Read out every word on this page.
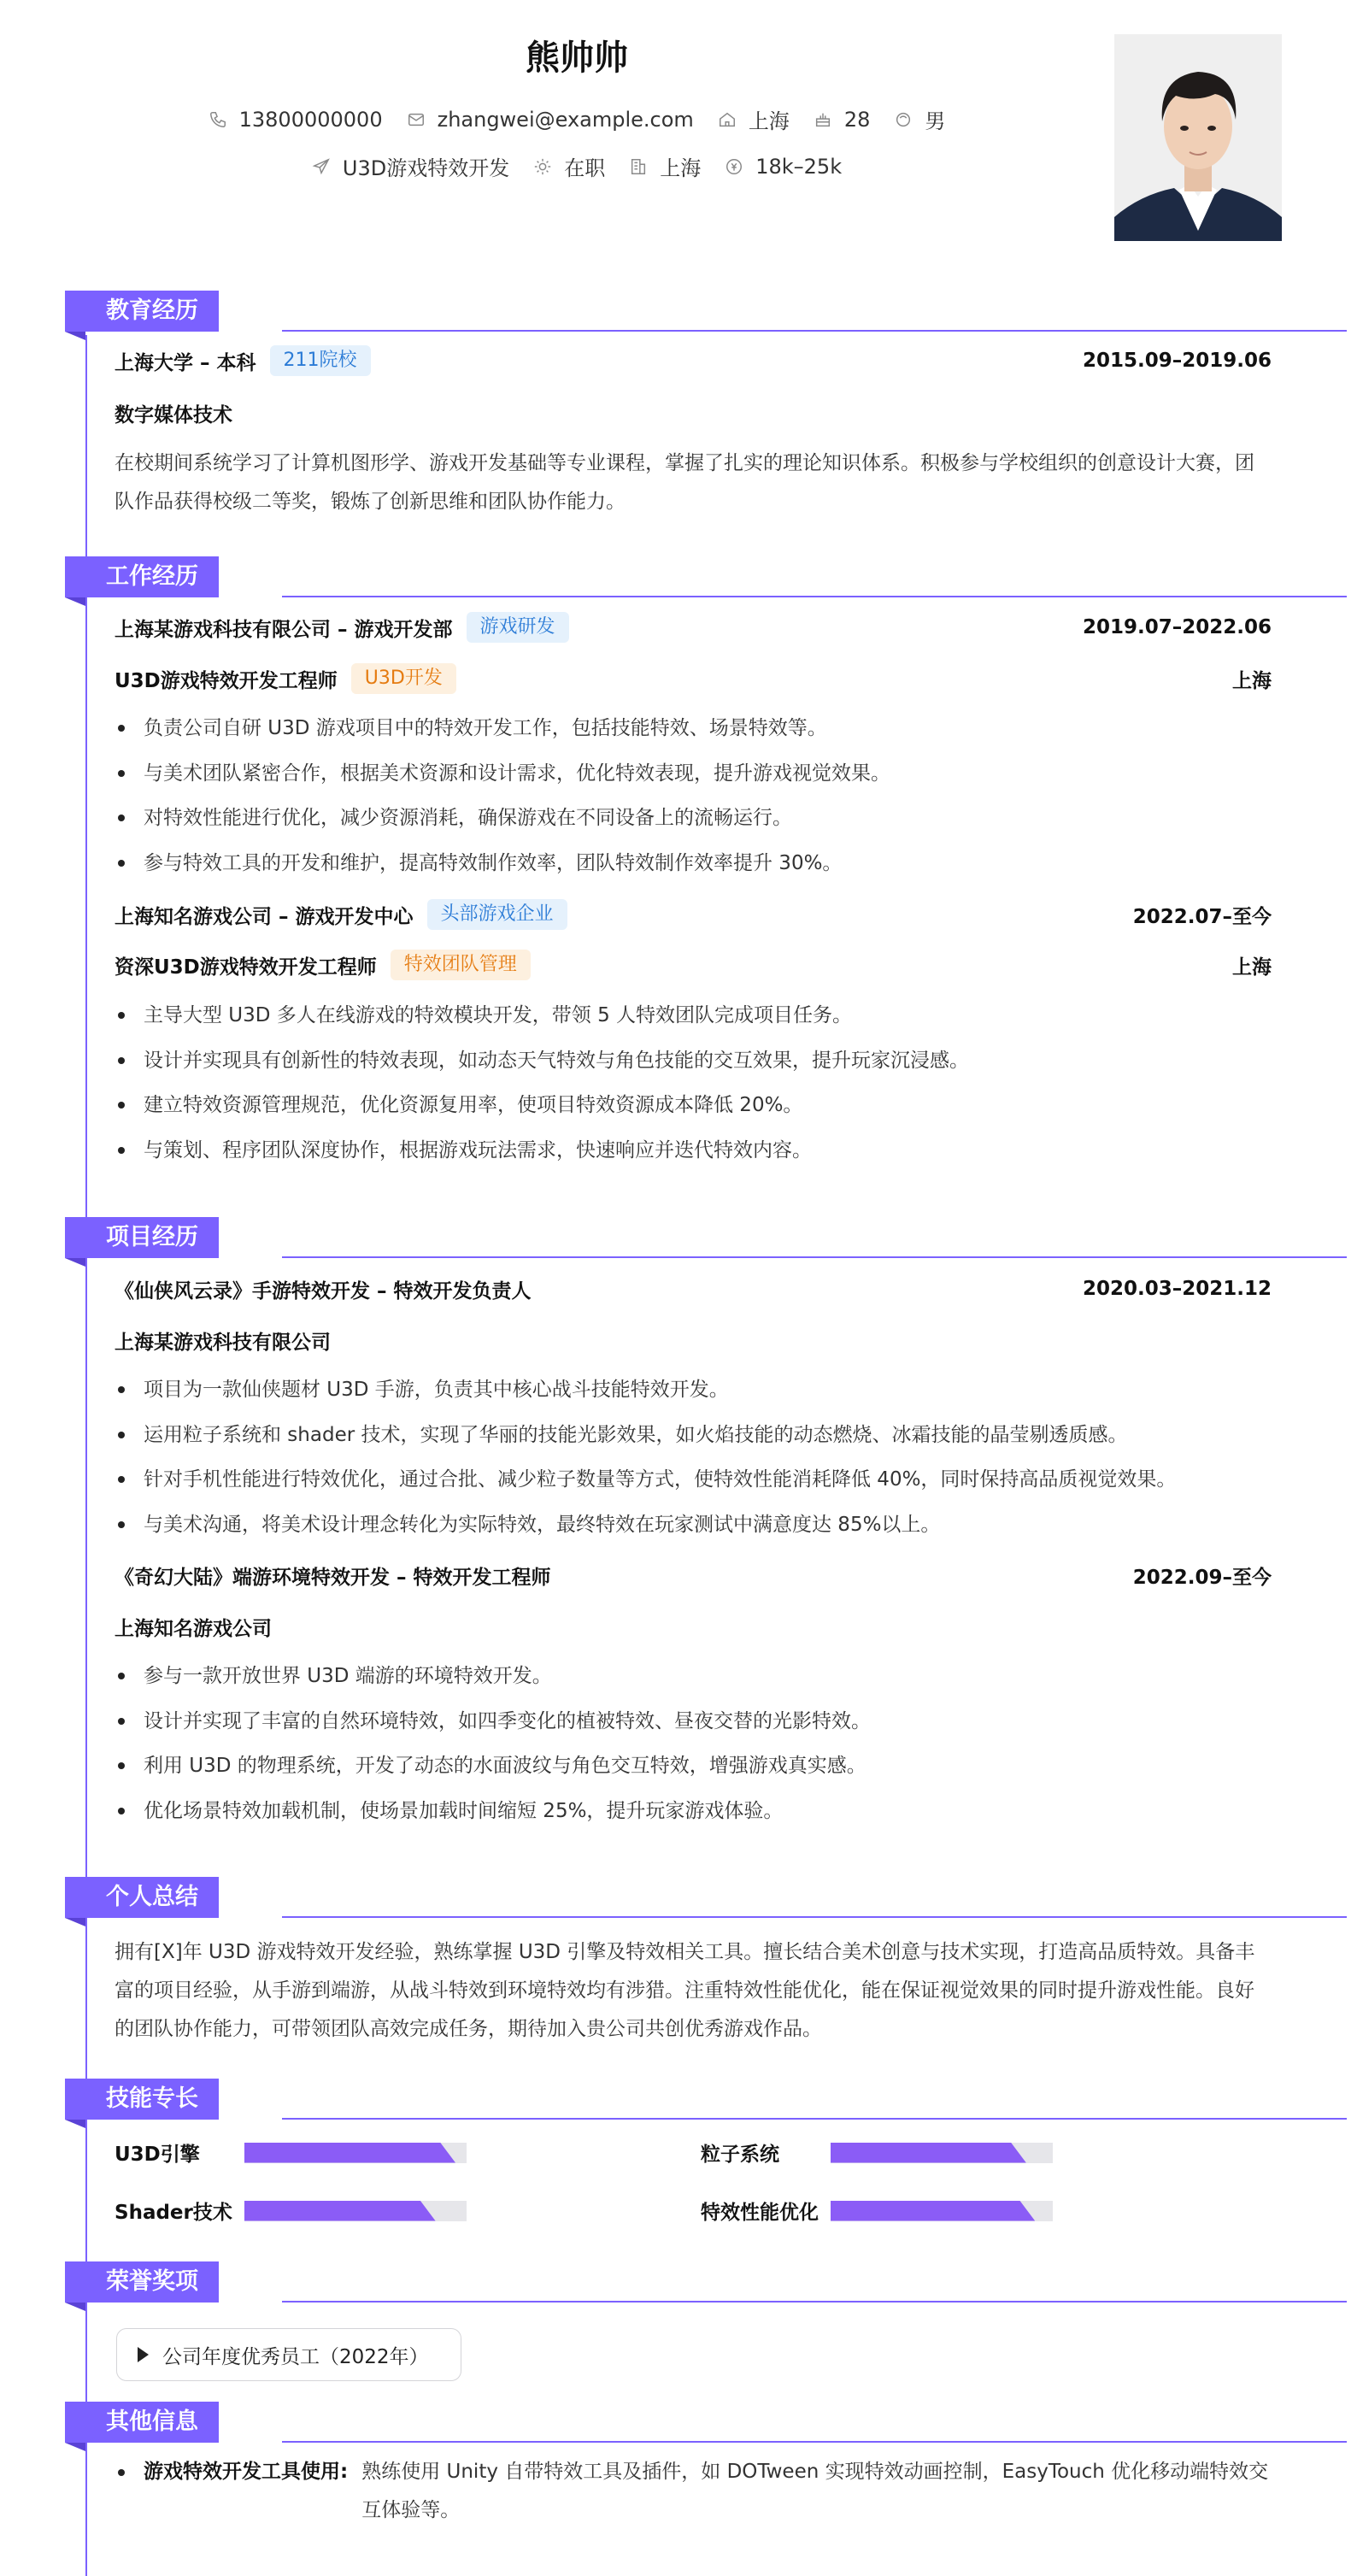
熊帅帅
13800000000	zhangwei@example.com	上海	28	男
U3D游戏特效开发	在职	上海	18k–25k
教育经历
上海大学 – 本科	211院校	2015.09–2019.06
数字媒体技术
在校期间系统学习了计算机图形学、游戏开发基础等专业课程，掌握了扎实的理论知识体系。积极参与学校组织的创意设计大赛，团队作品获得校级二等奖，锻炼了创新思维和团队协作能力。
工作经历
上海某游戏科技有限公司 – 游戏开发部	游戏研发	2019.07–2022.06
U3D游戏特效开发工程师	U3D开发	上海
负责公司自研 U3D 游戏项目中的特效开发工作，包括技能特效、场景特效等。
与美术团队紧密合作，根据美术资源和设计需求，优化特效表现，提升游戏视觉效果。
对特效性能进行优化，减少资源消耗，确保游戏在不同设备上的流畅运行。
参与特效工具的开发和维护，提高特效制作效率，团队特效制作效率提升 30%。
上海知名游戏公司 – 游戏开发中心	头部游戏企业	2022.07–至今
资深U3D游戏特效开发工程师	特效团队管理	上海
主导大型 U3D 多人在线游戏的特效模块开发，带领 5 人特效团队完成项目任务。
设计并实现具有创新性的特效表现，如动态天气特效与角色技能的交互效果，提升玩家沉浸感。
建立特效资源管理规范，优化资源复用率，使项目特效资源成本降低 20%。
与策划、程序团队深度协作，根据游戏玩法需求，快速响应并迭代特效内容。
项目经历
《仙侠风云录》手游特效开发 – 特效开发负责人	2020.03–2021.12
上海某游戏科技有限公司
项目为一款仙侠题材 U3D 手游，负责其中核心战斗技能特效开发。
运用粒子系统和 shader 技术，实现了华丽的技能光影效果，如火焰技能的动态燃烧、冰霜技能的晶莹剔透质感。
针对手机性能进行特效优化，通过合批、减少粒子数量等方式，使特效性能消耗降低 40%，同时保持高品质视觉效果。
与美术沟通，将美术设计理念转化为实际特效，最终特效在玩家测试中满意度达 85%以上。
《奇幻大陆》端游环境特效开发 – 特效开发工程师	2022.09–至今
上海知名游戏公司
参与一款开放世界 U3D 端游的环境特效开发。
设计并实现了丰富的自然环境特效，如四季变化的植被特效、昼夜交替的光影特效。
利用 U3D 的物理系统，开发了动态的水面波纹与角色交互特效，增强游戏真实感。
优化场景特效加载机制，使场景加载时间缩短 25%，提升玩家游戏体验。
个人总结
拥有[X]年 U3D 游戏特效开发经验，熟练掌握 U3D 引擎及特效相关工具。擅长结合美术创意与技术实现，打造高品质特效。具备丰富的项目经验，从手游到端游，从战斗特效到环境特效均有涉猎。注重特效性能优化，能在保证视觉效果的同时提升游戏性能。良好的团队协作能力，可带领团队高效完成任务，期待加入贵公司共创优秀游戏作品。
技能专长
U3D引擎	粒子系统
Shader技术	特效性能优化
荣誉奖项
公司年度优秀员工（2022年）
其他信息
游戏特效开发工具使用: 熟练使用 Unity 自带特效工具及插件，如 DOTween 实现特效动画控制，EasyTouch 优化移动端特效交互体验等。
